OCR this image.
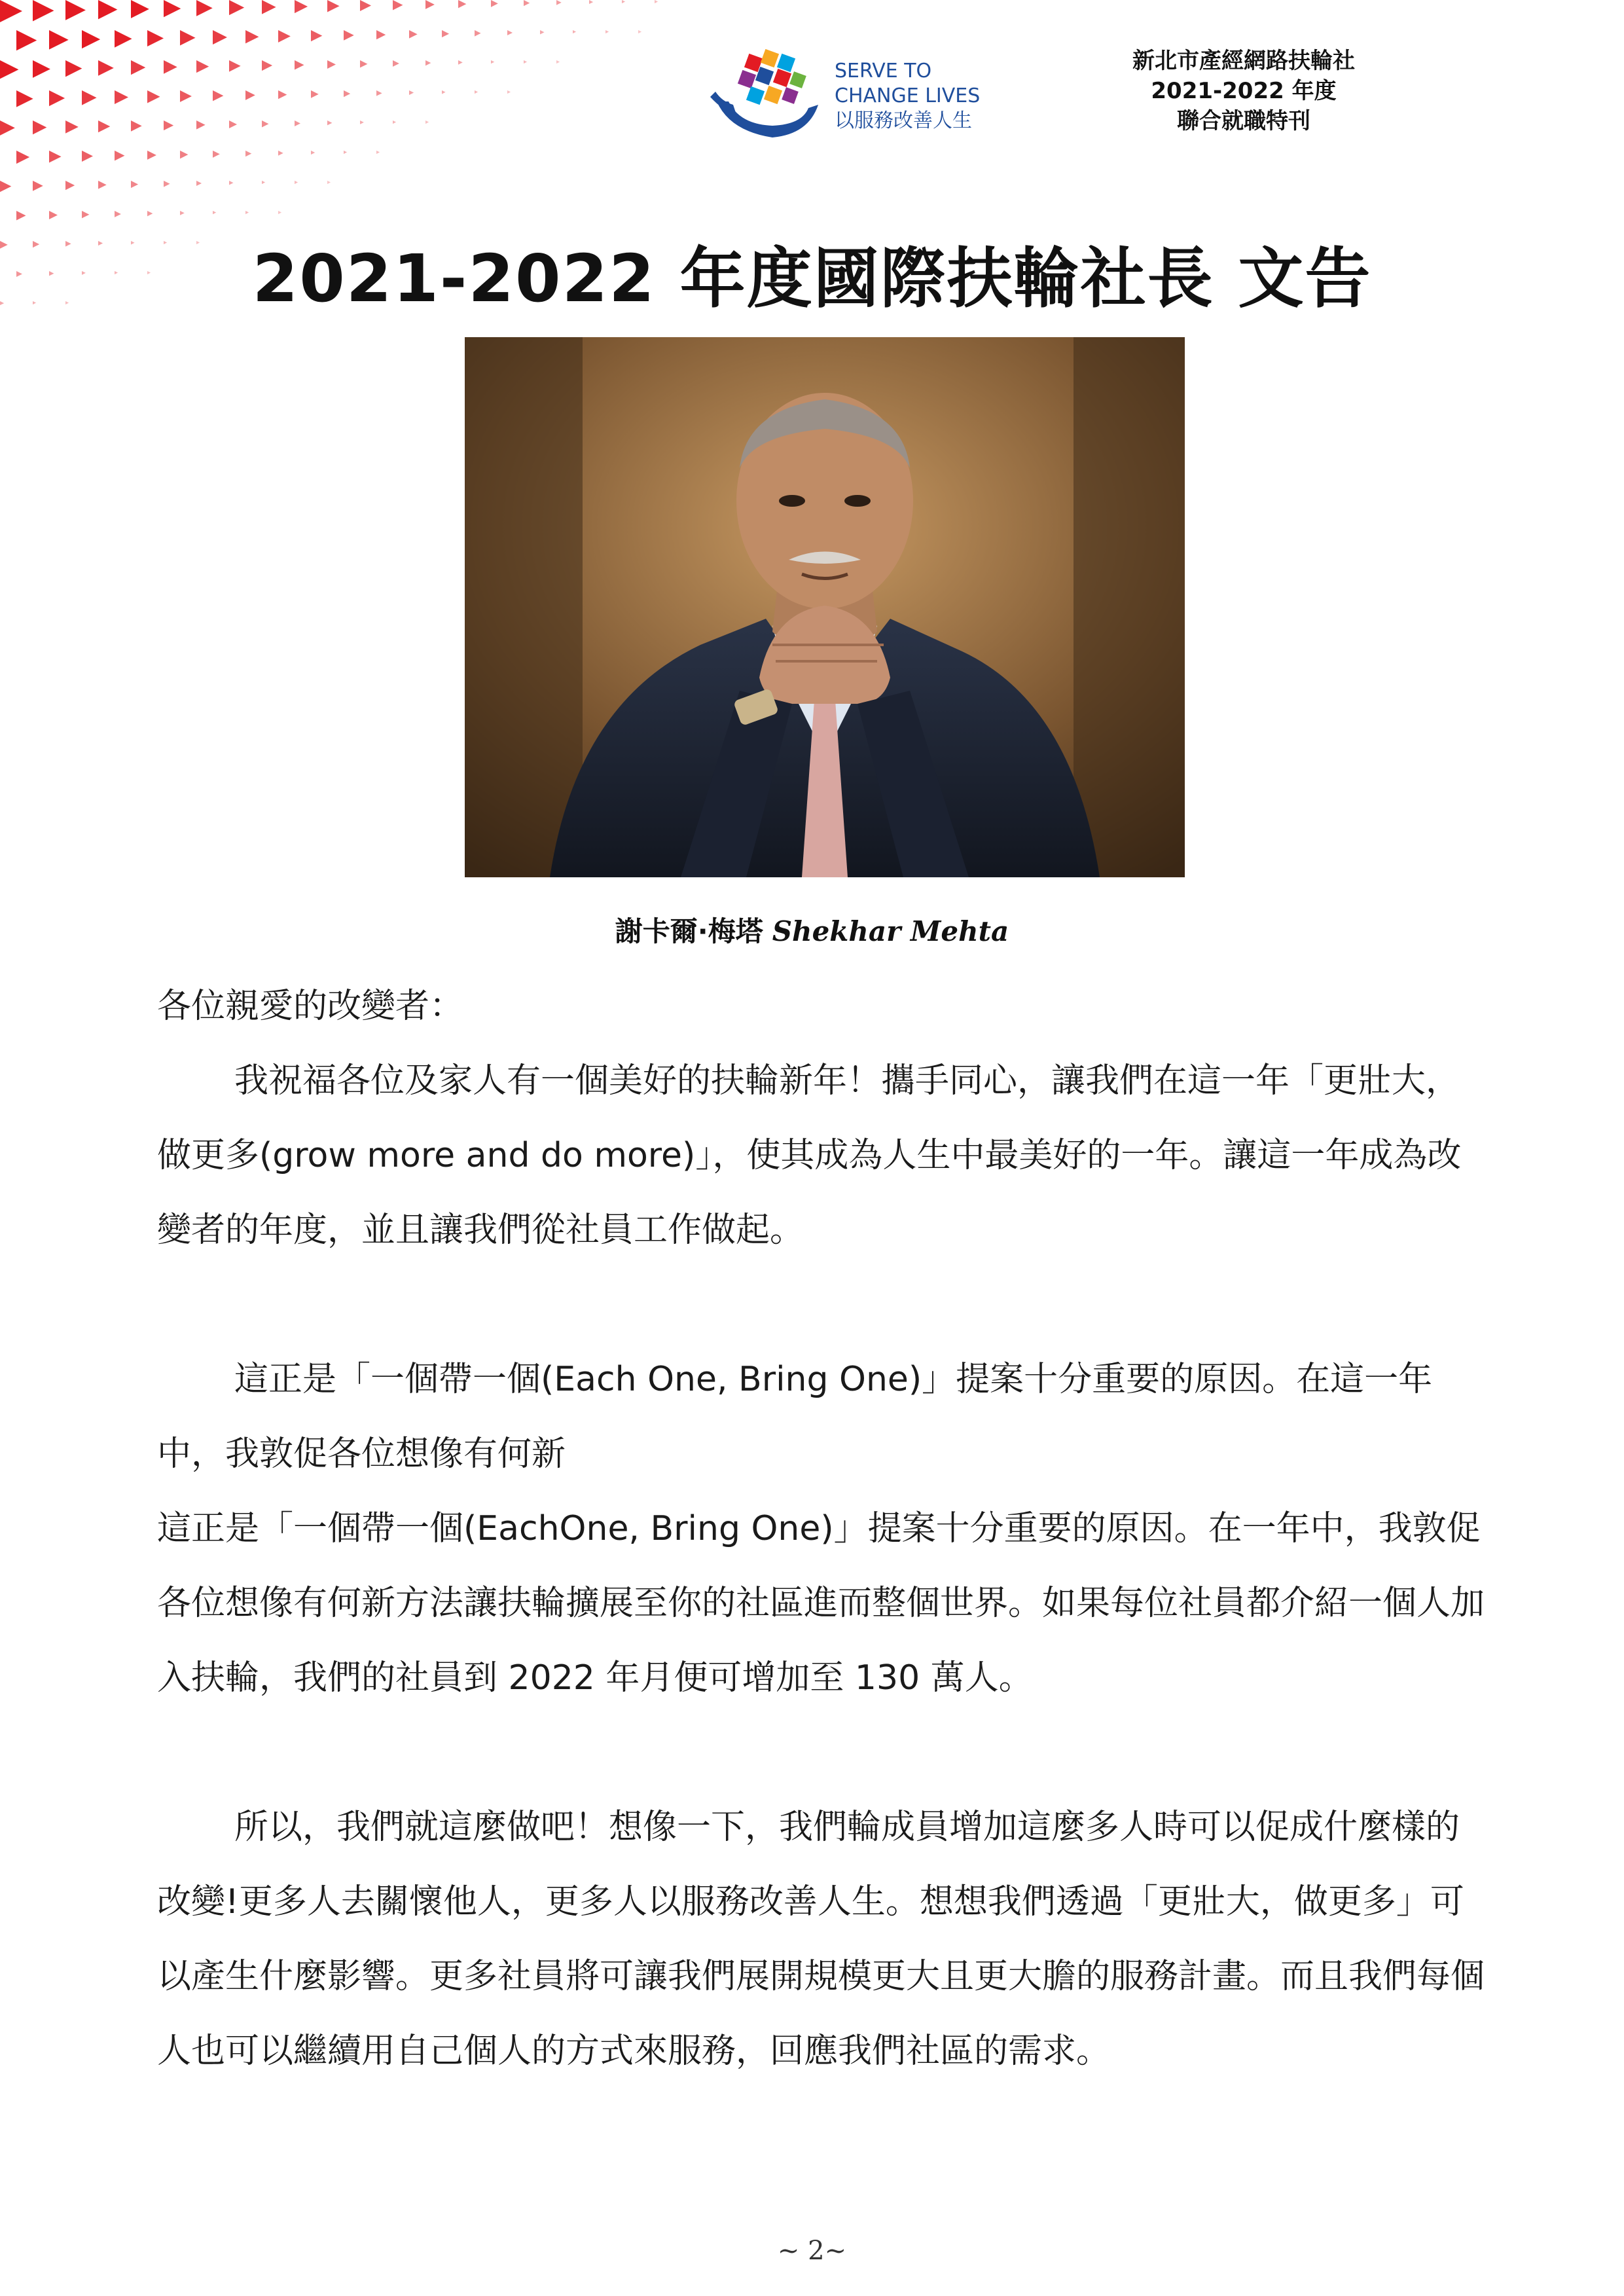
SERVE TO
CHANGE LIVES
以服務改善人生
新北市產經網路扶輪社
2021-2022 年度
聯合就職特刊
2021-2022 年度國際扶輪社長 文告
謝卡爾·梅塔 Shekhar Mehta

各位親愛的改變者：

我祝福各位及家人有一個美好的扶輪新年！攜手同心，讓我們在這一年「更壯大，做更多(grow more and do more)」，使其成為人生中最美好的一年。讓這一年成為改變者的年度，並且讓我們從社員工作做起。

這正是「一個帶一個(Each One, Bring One)」提案十分重要的原因。在這一年中，我敦促各位想像有何新

這正是「一個帶一個(EachOne, Bring One)」提案十分重要的原因。在一年中，我敦促各位想像有何新方法讓扶輪擴展至你的社區進而整個世界。如果每位社員都介紹一個人加入扶輪，我們的社員到 2022 年月便可增加至 130 萬人。

所以，我們就這麼做吧！想像一下，我們輪成員增加這麼多人時可以促成什麼樣的改變!更多人去關懷他人，更多人以服務改善人生。想想我們透過「更壯大，做更多」可以產生什麼影響。更多社員將可讓我們展開規模更大且更大膽的服務計畫。而且我們每個人也可以繼續用自己個人的方式來服務，回應我們社區的需求。

~ 2~
